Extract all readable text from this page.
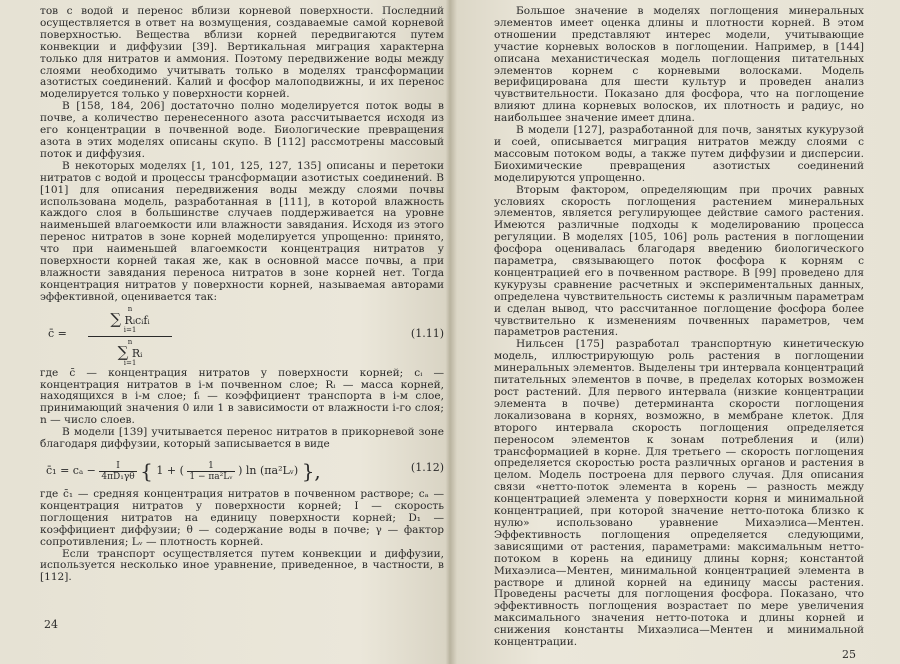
тов с водой и перенос вблизи корневой поверхности. Последний осуществляется в ответ на возмущения, создаваемые самой корневой поверхностью. Вещества вблизи корней передвигаются путем конвекции и диффузии [39]. Вертикальная миграция характерна только для нитратов и аммония. Поэтому передвижение воды между слоями необходимо учитывать только в моделях трансформации азотистых соединений. Калий и фосфор малоподвижны, и их перенос моделируется только у поверхности корней.

В [158, 184, 206] достаточно полно моделируется поток воды в почве, а количество перенесенного азота рассчитывается исходя из его концентрации в почвенной воде. Биологические превращения азота в этих моделях описаны скупо. В [112] рассмотрены массовый поток и диффузия.

В некоторых моделях [1, 101, 125, 127, 135] описаны и перетоки нитратов с водой и процессы трансформации азотистых соединений. В [101] для описания передвижения воды между слоями почвы использована модель, разработанная в [111], в которой влажность каждого слоя в большинстве случаев поддерживается на уровне наименьшей влагоемкости или влажности завядания. Исходя из этого перенос нитратов в зоне корней моделируется упрощенно: принято, что при наименьшей влагоемкости концентрация нитратов у поверхности корней такая же, как в основной массе почвы, а при влажности завядания переноса нитратов в зоне корней нет. Тогда концентрация нитратов у поверхности корней, называемая авторами эффективной, оценивается так:

c̄ =
n
∑ Rᵢcᵢfᵢ
i=1
n
∑ Rᵢ
i=1
(1.11)

где c̄ — концентрация нитратов у поверхности корней; cᵢ — концентрация нитратов в i-м почвенном слое; Rᵢ — масса корней, находящихся в i-м слое; fᵢ — коэффициент транспорта в i-м слое, принимающий значения 0 или 1 в зависимости от влажности i-го слоя; n — число слоев.

В модели [139] учитывается перенос нитратов в прикорневой зоне благодаря диффузии, который записывается в виде

c̄₁ = $c_a - \frac{I}{\text{4πD₁γθ}}$ { 1 + ( $\frac{1}{\text{1 − πa²Lᵥ}}$ ) ln (πa²Lᵥ) },	(1.12)

где c̄₁ — средняя концентрация нитратов в почвенном растворе; cₐ — концентрация нитратов у поверхности корней; I — скорость поглощения нитратов на единицу поверхности корней; D₁ — коэффициент диффузии; θ — содержание воды в почве; γ — фактор сопротивления; Lᵥ — плотность корней.

Если транспорт осуществляется путем конвекции и диффузии, используется несколько иное уравнение, приведенное, в частности, в [112].

24

Большое значение в моделях поглощения минеральных элементов имеет оценка длины и плотности корней. В этом отношении представляют интерес модели, учитывающие участие корневых волосков в поглощении. Например, в [144] описана механистическая модель поглощения питательных элементов корнем с корневыми волосками. Модель верифицирована для шести культур и проведен анализ чувствительности. Показано для фосфора, что на поглощение влияют длина корневых волосков, их плотность и радиус, но наибольшее значение имеет длина.

В модели [127], разработанной для почв, занятых кукурузой и соей, описывается миграция нитратов между слоями с массовым потоком воды, а также путем диффузии и дисперсии. Биохимические превращения азотистых соединений моделируются упрощенно.

Вторым фактором, определяющим при прочих равных условиях скорость поглощения растением минеральных элементов, является регулирующее действие самого растения. Имеются различные подходы к моделированию процесса регуляции. В моделях [105, 106] роль растения в поглощении фосфора оценивалась благодаря введению биологического параметра, связывающего поток фосфора к корням с концентрацией его в почвенном растворе. В [99] проведено для кукурузы сравнение расчетных и экспериментальных данных, определена чувствительность системы к различным параметрам и сделан вывод, что рассчитанное поглощение фосфора более чувствительно к изменениям почвенных параметров, чем параметров растения.

Нильсен [175] разработал транспортную кинетическую модель, иллюстрирующую роль растения в поглощении минеральных элементов. Выделены три интервала концентраций питательных элементов в почве, в пределах которых возможен рост растений. Для первого интервала (низкие концентрации элемента в почве) детерминанта скорости поглощения локализована в корнях, возможно, в мембране клеток. Для второго интервала скорость поглощения определяется переносом элементов к зонам потребления и (или) трансформацией в корне. Для третьего — скорость поглощения определяется скоростью роста различных органов и растения в целом. Модель построена для первого случая. Для описания связи «нетто-поток элемента в корень — разность между концентрацией элемента у поверхности корня и минимальной концентрацией, при которой значение нетто-потока близко к нулю» использовано уравнение Михаэлиса—Ментен. Эффективность поглощения определяется следующими, зависящими от растения, параметрами: максимальным нетто-потоком в корень на единицу длины корня; константой Михаэлиса—Ментен, минимальной концентрацией элемента в растворе и длиной корней на единицу массы растения. Проведены расчеты для поглощения фосфора. Показано, что эффективность поглощения возрастает по мере увеличения максимального значения нетто-потока и длины корней и снижения константы Михаэлиса—Ментен и минимальной концентрации.

25
